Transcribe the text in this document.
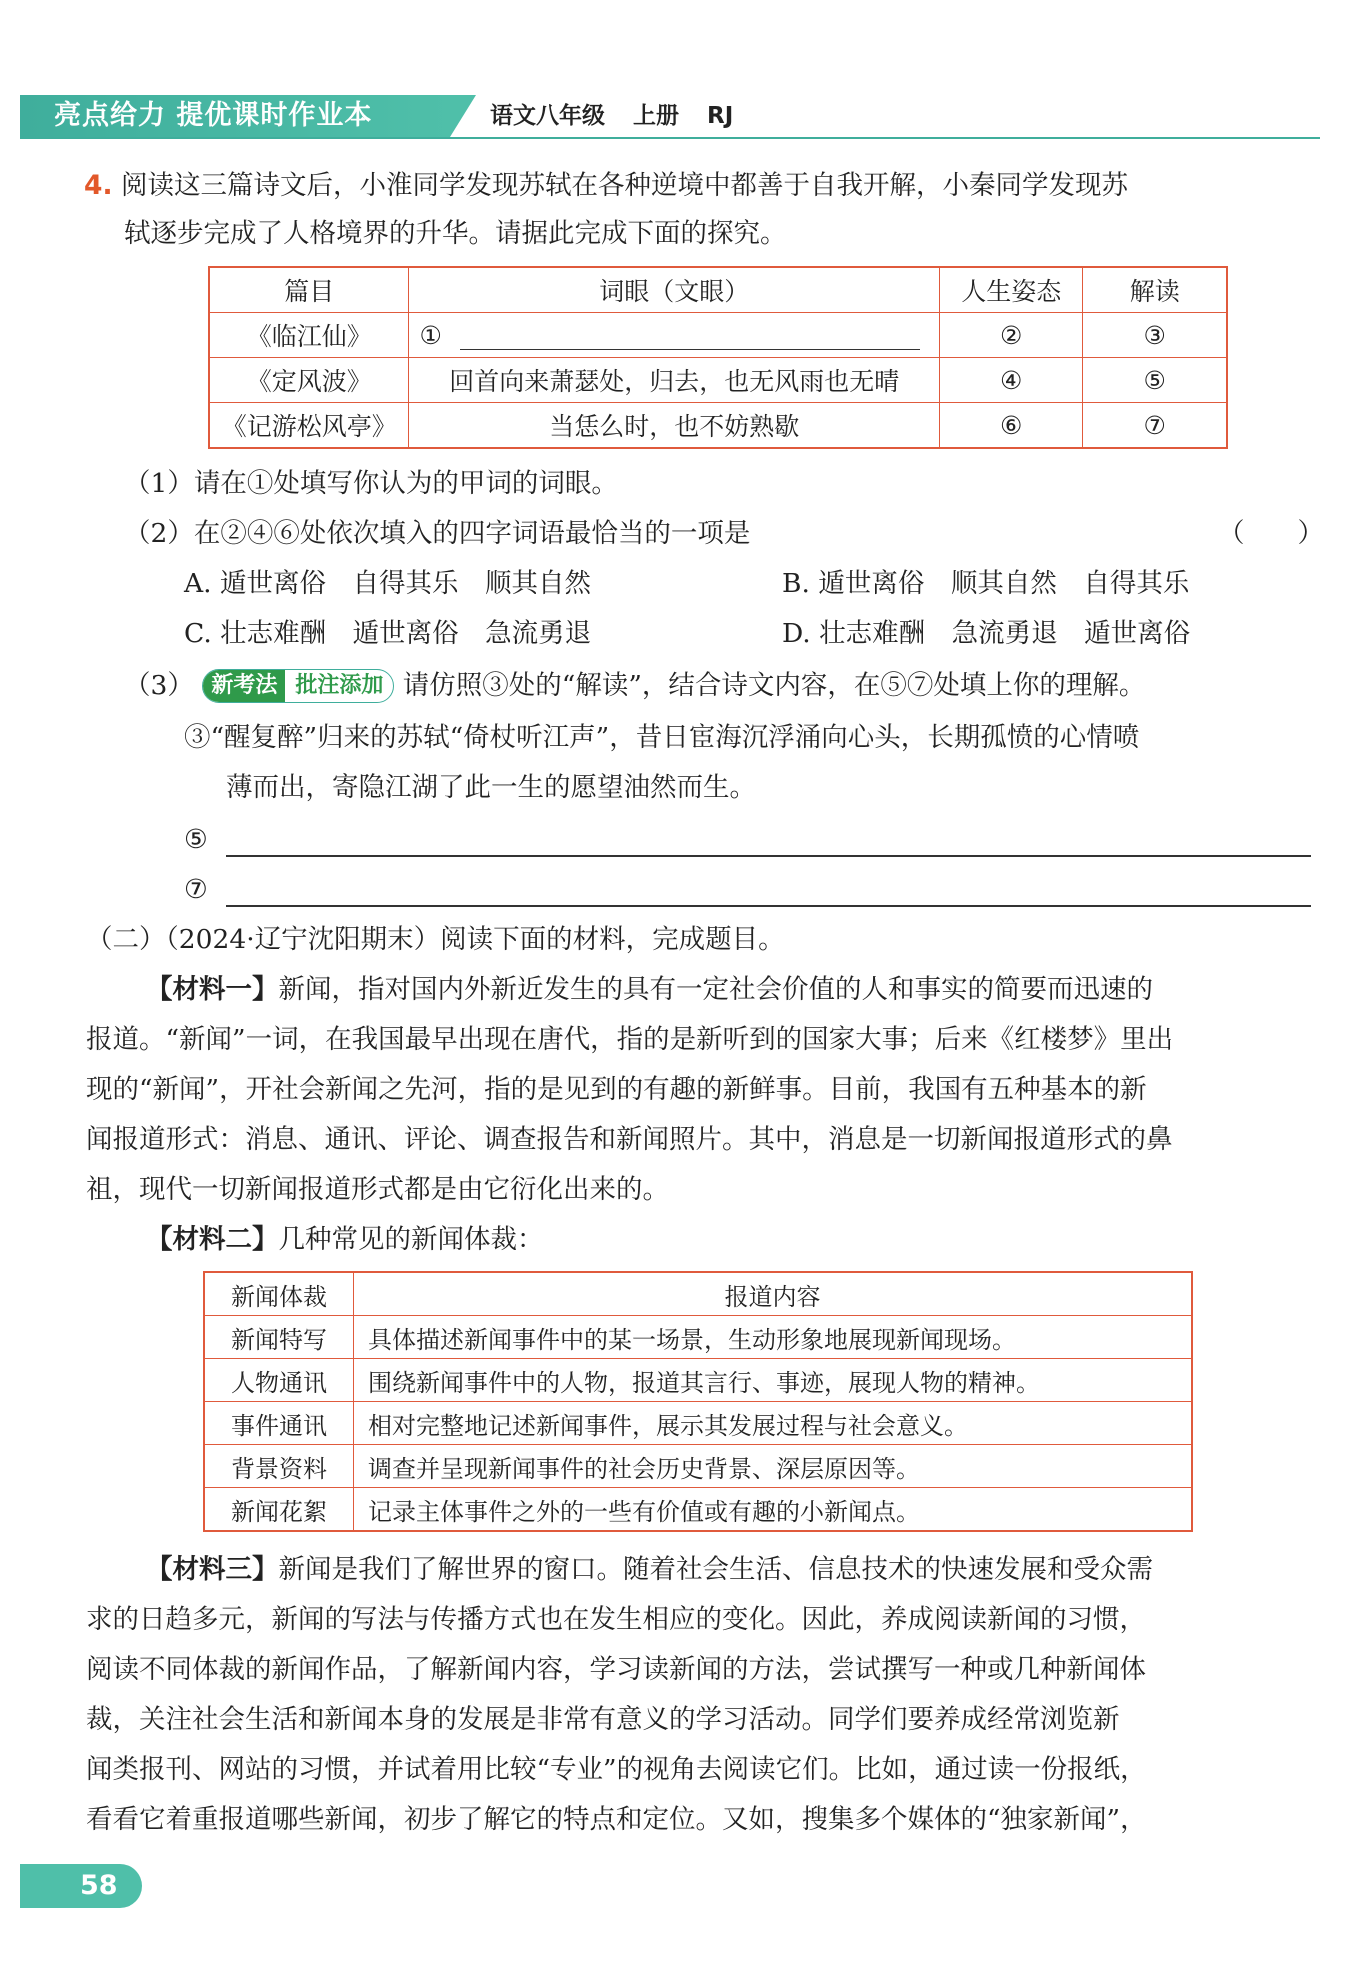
亮点给力 提优课时作业本	语文八年级 上册 RJ
4. 阅读这三篇诗文后，小淮同学发现苏轼在各种逆境中都善于自我开解，小秦同学发现苏
轼逐步完成了人格境界的升华。请据此完成下面的探究。
篇目	词眼（文眼）	人生姿态	解读
《临江仙》	①	②	③
《定风波》	回首向来萧瑟处，归去，也无风雨也无晴	④	⑤
《记游松风亭》	当恁么时，也不妨熟歇	⑥	⑦
（1）请在①处填写你认为的甲词的词眼。
（2）在②④⑥处依次填入的四字词语最恰当的一项是	（　　）
A. 遁世离俗　自得其乐　顺其自然	B. 遁世离俗　顺其自然　自得其乐
C. 壮志难酬　遁世离俗　急流勇退	D. 壮志难酬　急流勇退　遁世离俗
（3） 新考法 批注添加 请仿照③处的“解读”，结合诗文内容，在⑤⑦处填上你的理解。
③“醒复醉”归来的苏轼“倚杖听江声”，昔日宦海沉浮涌向心头，长期孤愤的心情喷
薄而出，寄隐江湖了此一生的愿望油然而生。
⑤
⑦
（二）（2024·辽宁沈阳期末）阅读下面的材料，完成题目。
【材料一】新闻，指对国内外新近发生的具有一定社会价值的人和事实的简要而迅速的
报道。“新闻”一词，在我国最早出现在唐代，指的是新听到的国家大事；后来《红楼梦》里出
现的“新闻”，开社会新闻之先河，指的是见到的有趣的新鲜事。目前，我国有五种基本的新
闻报道形式：消息、通讯、评论、调查报告和新闻照片。其中，消息是一切新闻报道形式的鼻
祖，现代一切新闻报道形式都是由它衍化出来的。
【材料二】几种常见的新闻体裁：
新闻体裁	报道内容
新闻特写	具体描述新闻事件中的某一场景，生动形象地展现新闻现场。
人物通讯	围绕新闻事件中的人物，报道其言行、事迹，展现人物的精神。
事件通讯	相对完整地记述新闻事件，展示其发展过程与社会意义。
背景资料	调查并呈现新闻事件的社会历史背景、深层原因等。
新闻花絮	记录主体事件之外的一些有价值或有趣的小新闻点。
【材料三】新闻是我们了解世界的窗口。随着社会生活、信息技术的快速发展和受众需
求的日趋多元，新闻的写法与传播方式也在发生相应的变化。因此，养成阅读新闻的习惯，
阅读不同体裁的新闻作品，了解新闻内容，学习读新闻的方法，尝试撰写一种或几种新闻体
裁，关注社会生活和新闻本身的发展是非常有意义的学习活动。同学们要养成经常浏览新
闻类报刊、网站的习惯，并试着用比较“专业”的视角去阅读它们。比如，通过读一份报纸，
看看它着重报道哪些新闻，初步了解它的特点和定位。又如，搜集多个媒体的“独家新闻”，
58
